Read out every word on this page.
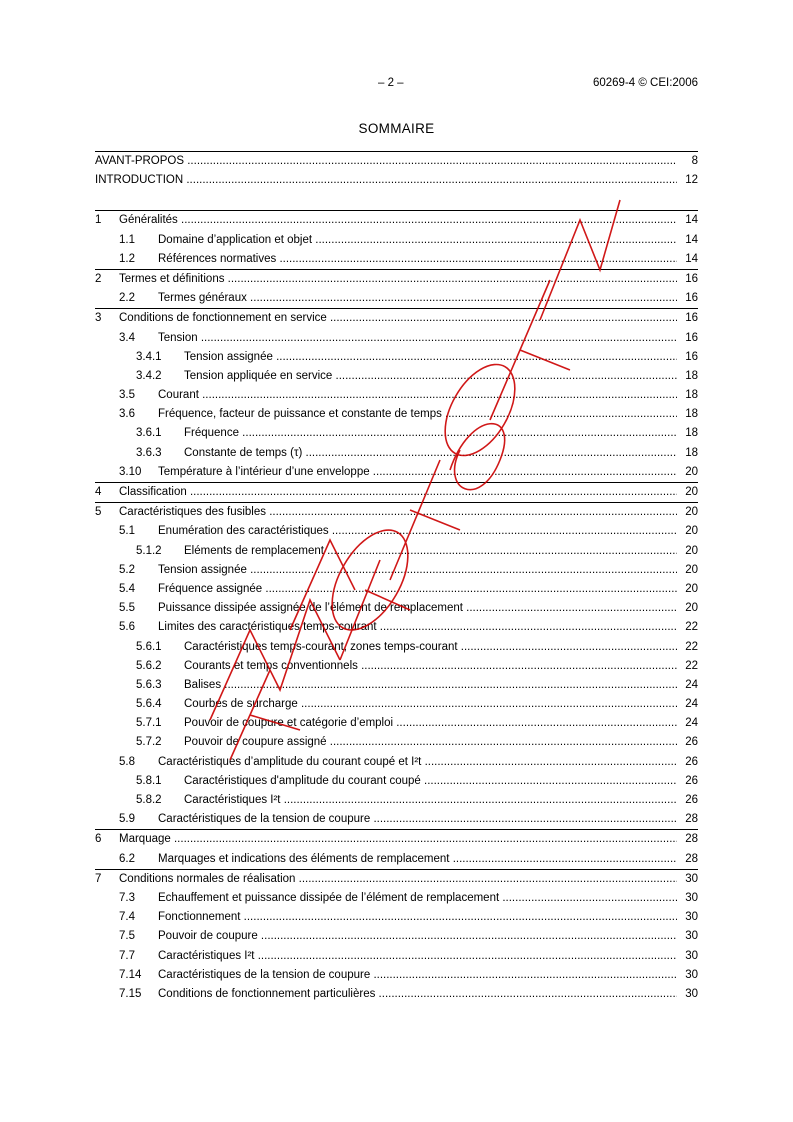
– 2 –	60269-4 © CEI:2006
SOMMAIRE
AVANT-PROPOS .....	8
INTRODUCTION .....	12
1 Généralités .....	14
1.1 Domaine d’application et objet .....	14
1.2 Références normatives .....	14
2 Termes et définitions .....	16
2.2 Termes généraux .....	16
3 Conditions de fonctionnement en service .....	16
3.4 Tension .....	16
3.4.1 Tension assignée .....	16
3.4.2 Tension appliquée en service .....	18
3.5 Courant .....	18
3.6 Fréquence, facteur de puissance et constante de temps .....	18
3.6.1 Fréquence .....	18
3.6.3 Constante de temps (τ) .....	18
3.10 Température à l’intérieur d’une enveloppe .....	20
4 Classification .....	20
5 Caractéristiques des fusibles .....	20
5.1 Enumération des caractéristiques .....	20
5.1.2 Eléments de remplacement .....	20
5.2 Tension assignée .....	20
5.4 Fréquence assignée .....	20
5.5 Puissance dissipée assignée de l’élément de remplacement .....	20
5.6 Limites des caractéristiques temps-courant .....	22
5.6.1 Caractéristiques temps-courant, zones temps-courant .....	22
5.6.2 Courants et temps conventionnels .....	22
5.6.3 Balises .....	24
5.6.4 Courbes de surcharge .....	24
5.7.1 Pouvoir de coupure et catégorie d’emploi .....	24
5.7.2 Pouvoir de coupure assigné .....	26
5.8 Caractéristiques d’amplitude du courant coupé et I²t .....	26
5.8.1 Caractéristiques d'amplitude du courant coupé .....	26
5.8.2 Caractéristiques I²t .....	26
5.9 Caractéristiques de la tension de coupure .....	28
6 Marquage .....	28
6.2 Marquages et indications des éléments de remplacement .....	28
7 Conditions normales de réalisation .....	30
7.3 Echauffement et puissance dissipée de l’élément de remplacement .....	30
7.4 Fonctionnement .....	30
7.5 Pouvoir de coupure .....	30
7.7 Caractéristiques I²t .....	30
7.14 Caractéristiques de la tension de coupure .....	30
7.15 Conditions de fonctionnement particulières .....	30
